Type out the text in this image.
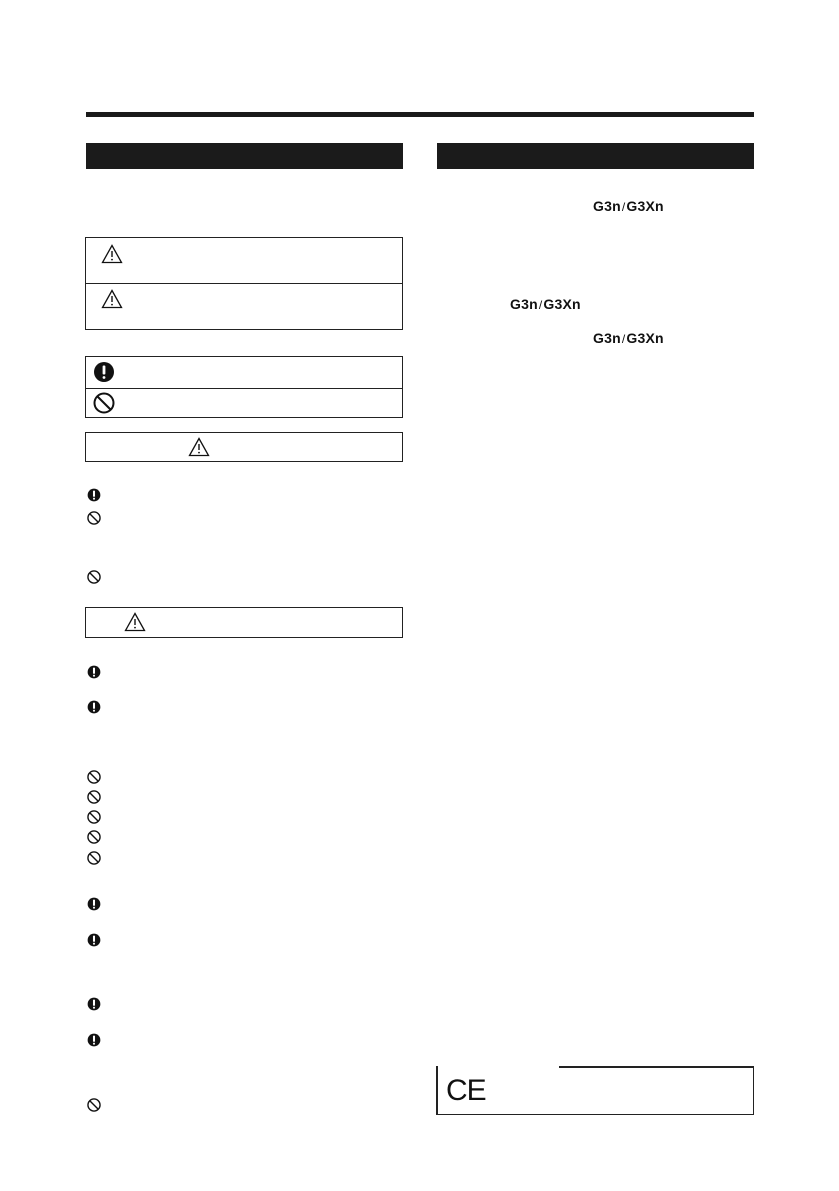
G3n/G3Xn
G3n/G3Xn
G3n/G3Xn
CE
